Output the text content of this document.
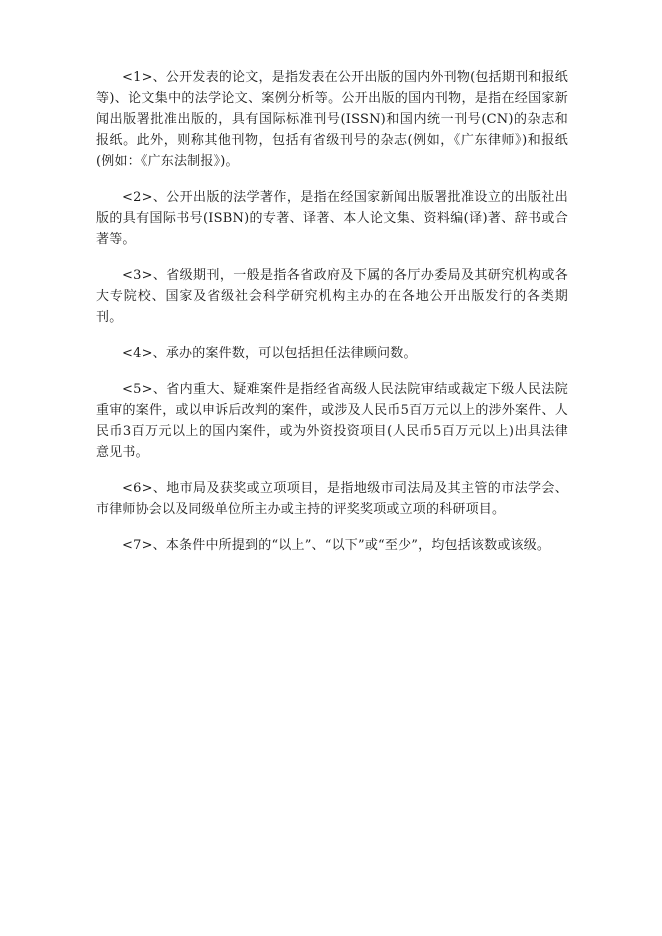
<1>、公开发表的论文，是指发表在公开出版的国内外刊物(包括期刊和报纸等)、论文集中的法学论文、案例分析等。公开出版的国内刊物，是指在经国家新闻出版署批准出版的，具有国际标准刊号(ISSN)和国内统一刊号(CN)的杂志和报纸。此外，则称其他刊物，包括有省级刊号的杂志(例如，《广东律师》)和报纸(例如：《广东法制报》)。

<2>、公开出版的法学著作，是指在经国家新闻出版署批准设立的出版社出版的具有国际书号(ISBN)的专著、译著、本人论文集、资料编(译)著、辞书或合著等。

<3>、省级期刊，一般是指各省政府及下属的各厅办委局及其研究机构或各大专院校、国家及省级社会科学研究机构主办的在各地公开出版发行的各类期刊。

<4>、承办的案件数，可以包括担任法律顾问数。

<5>、省内重大、疑难案件是指经省高级人民法院审结或裁定下级人民法院重审的案件，或以申诉后改判的案件，或涉及人民币5百万元以上的涉外案件、人民币3百万元以上的国内案件，或为外资投资项目(人民币5百万元以上)出具法律意见书。

<6>、地市局及获奖或立项项目，是指地级市司法局及其主管的市法学会、市律师协会以及同级单位所主办或主持的评奖奖项或立项的科研项目。

<7>、本条件中所提到的“以上”、“以下”或“至少”，均包括该数或该级。
